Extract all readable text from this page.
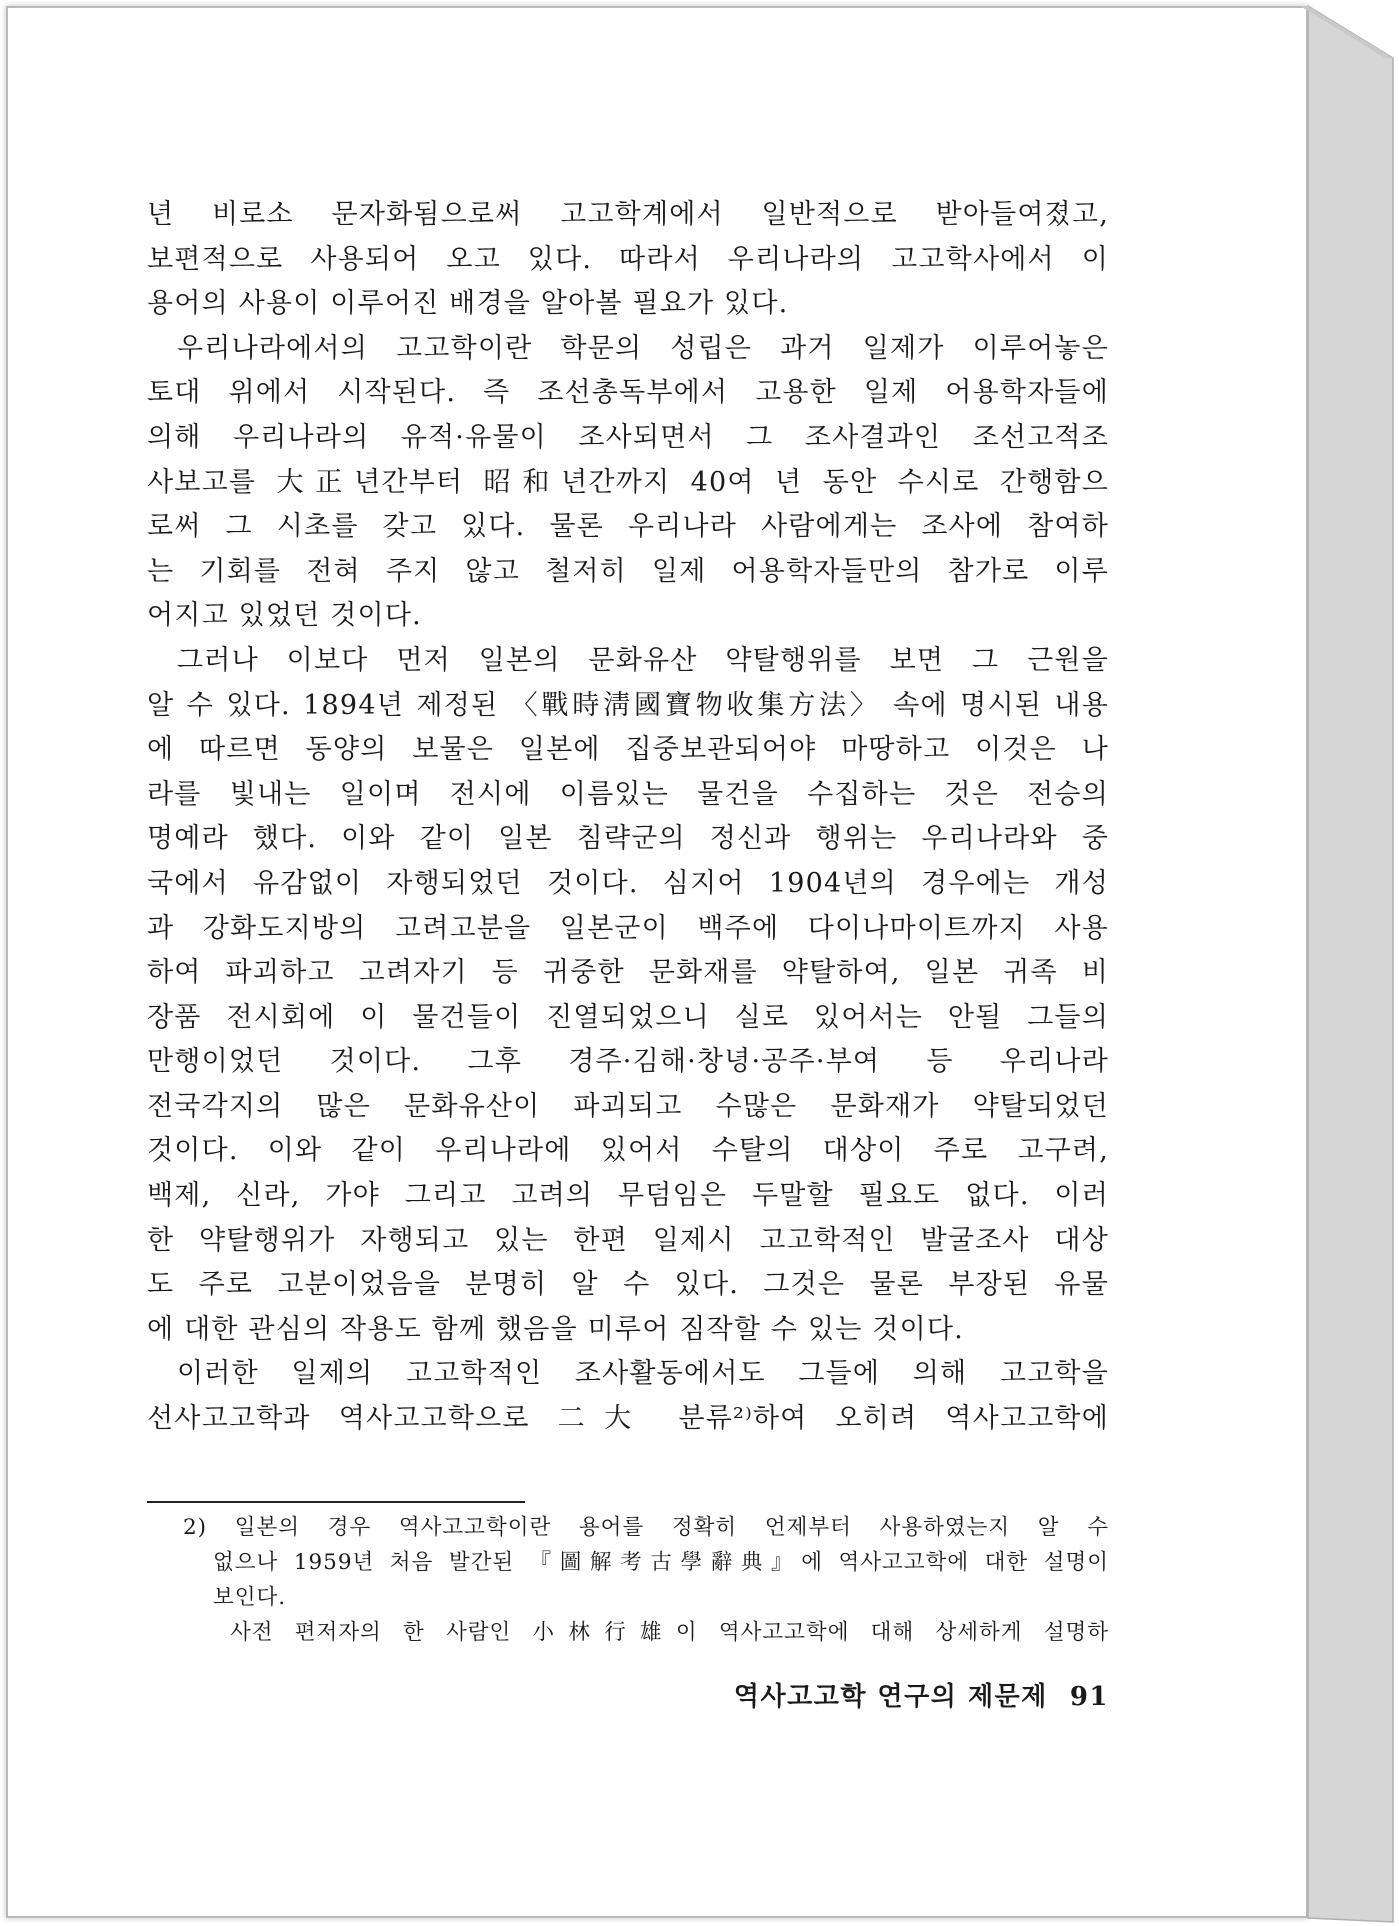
년 비로소 문자화됨으로써 고고학계에서 일반적으로 받아들여졌고,
보편적으로 사용되어 오고 있다. 따라서 우리나라의 고고학사에서 이
용어의 사용이 이루어진 배경을 알아볼 필요가 있다.
우리나라에서의 고고학이란 학문의 성립은 과거 일제가 이루어놓은
토대 위에서 시작된다. 즉 조선총독부에서 고용한 일제 어용학자들에
의해 우리나라의 유적·유물이 조사되면서 그 조사결과인 조선고적조
사보고를 大正년간부터 昭和년간까지 40여 년 동안 수시로 간행함으
로써 그 시초를 갖고 있다. 물론 우리나라 사람에게는 조사에 참여하
는 기회를 전혀 주지 않고 철저히 일제 어용학자들만의 참가로 이루
어지고 있었던 것이다.
그러나 이보다 먼저 일본의 문화유산 약탈행위를 보면 그 근원을
알 수 있다. 1894년 제정된 〈戰時淸國寶物收集方法〉 속에 명시된 내용
에 따르면 동양의 보물은 일본에 집중보관되어야 마땅하고 이것은 나
라를 빛내는 일이며 전시에 이름있는 물건을 수집하는 것은 전승의
명예라 했다. 이와 같이 일본 침략군의 정신과 행위는 우리나라와 중
국에서 유감없이 자행되었던 것이다. 심지어 1904년의 경우에는 개성
과 강화도지방의 고려고분을 일본군이 백주에 다이나마이트까지 사용
하여 파괴하고 고려자기 등 귀중한 문화재를 약탈하여, 일본 귀족 비
장품 전시회에 이 물건들이 진열되었으니 실로 있어서는 안될 그들의
만행이었던 것이다. 그후 경주·김해·창녕·공주·부여 등 우리나라
전국각지의 많은 문화유산이 파괴되고 수많은 문화재가 약탈되었던
것이다. 이와 같이 우리나라에 있어서 수탈의 대상이 주로 고구려,
백제, 신라, 가야 그리고 고려의 무덤임은 두말할 필요도 없다. 이러
한 약탈행위가 자행되고 있는 한편 일제시 고고학적인 발굴조사 대상
도 주로 고분이었음을 분명히 알 수 있다. 그것은 물론 부장된 유물
에 대한 관심의 작용도 함께 했음을 미루어 짐작할 수 있는 것이다.
이러한 일제의 고고학적인 조사활동에서도 그들에 의해 고고학을
선사고고학과 역사고고학으로 二大 분류²⁾하여 오히려 역사고고학에
2) 일본의 경우 역사고고학이란 용어를 정확히 언제부터 사용하였는지 알 수
없으나 1959년 처음 발간된 『圖解考古學辭典』에 역사고고학에 대한 설명이
보인다.
사전 편저자의 한 사람인 小林行雄이 역사고고학에 대해 상세하게 설명하
역사고고학 연구의 제문제 91
